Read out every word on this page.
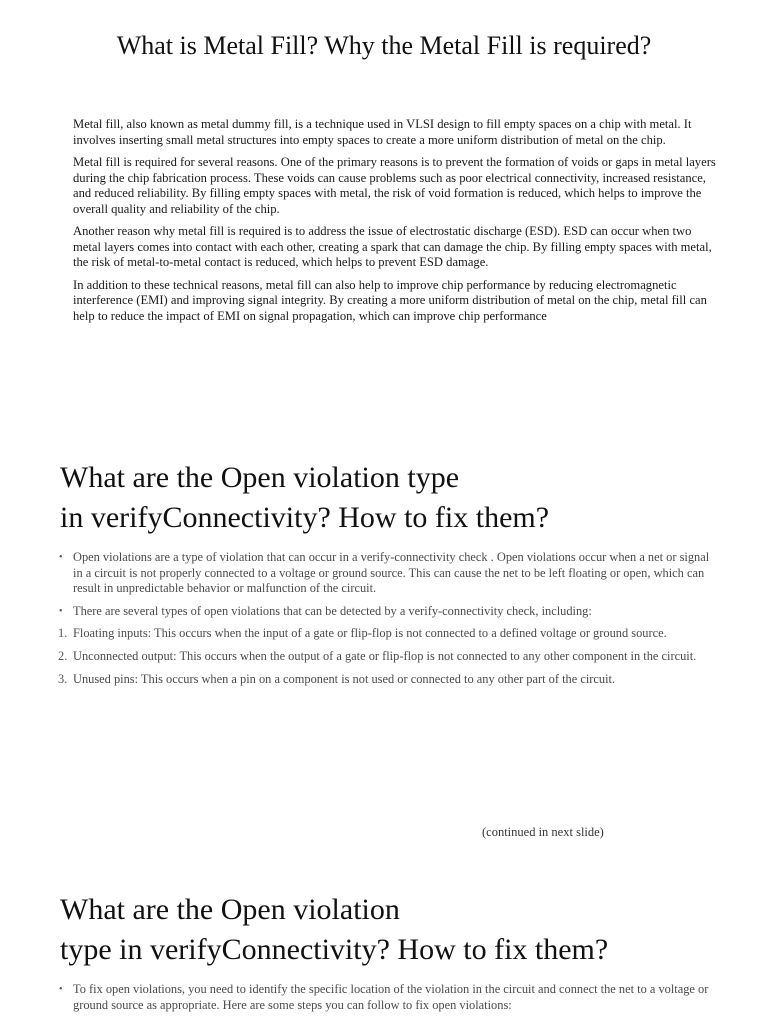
What is Metal Fill? Why the Metal Fill is required?

Metal fill, also known as metal dummy fill, is a technique used in VLSI design to fill empty spaces on a chip with metal. It involves inserting small metal structures into empty spaces to create a more uniform distribution of metal on the chip.

Metal fill is required for several reasons. One of the primary reasons is to prevent the formation of voids or gaps in metal layers during the chip fabrication process. These voids can cause problems such as poor electrical connectivity, increased resistance, and reduced reliability. By filling empty spaces with metal, the risk of void formation is reduced, which helps to improve the overall quality and reliability of the chip.

Another reason why metal fill is required is to address the issue of electrostatic discharge (ESD). ESD can occur when two metal layers comes into contact with each other, creating a spark that can damage the chip. By filling empty spaces with metal, the risk of metal-to-metal contact is reduced, which helps to prevent ESD damage.

In addition to these technical reasons, metal fill can also help to improve chip performance by reducing electromagnetic interference (EMI) and improving signal integrity. By creating a more uniform distribution of metal on the chip, metal fill can help to reduce the impact of EMI on signal propagation, which can improve chip performance

What are the Open violation type
in verifyConnectivity? How to fix them?
• Open violations are a type of violation that can occur in a verify-connectivity check . Open violations occur when a net or signal in a circuit is not properly connected to a voltage or ground source. This can cause the net to be left floating or open, which can result in unpredictable behavior or malfunction of the circuit.
• There are several types of open violations that can be detected by a verify-connectivity check, including:
1. Floating inputs: This occurs when the input of a gate or flip-flop is not connected to a defined voltage or ground source.
2. Unconnected output: This occurs when the output of a gate or flip-flop is not connected to any other component in the circuit.
3. Unused pins: This occurs when a pin on a component is not used or connected to any other part of the circuit.
(continued in next slide)
What are the Open violation
type in verifyConnectivity? How to fix them?
• To fix open violations, you need to identify the specific location of the violation in the circuit and connect the net to a voltage or ground source as appropriate. Here are some steps you can follow to fix open violations:
